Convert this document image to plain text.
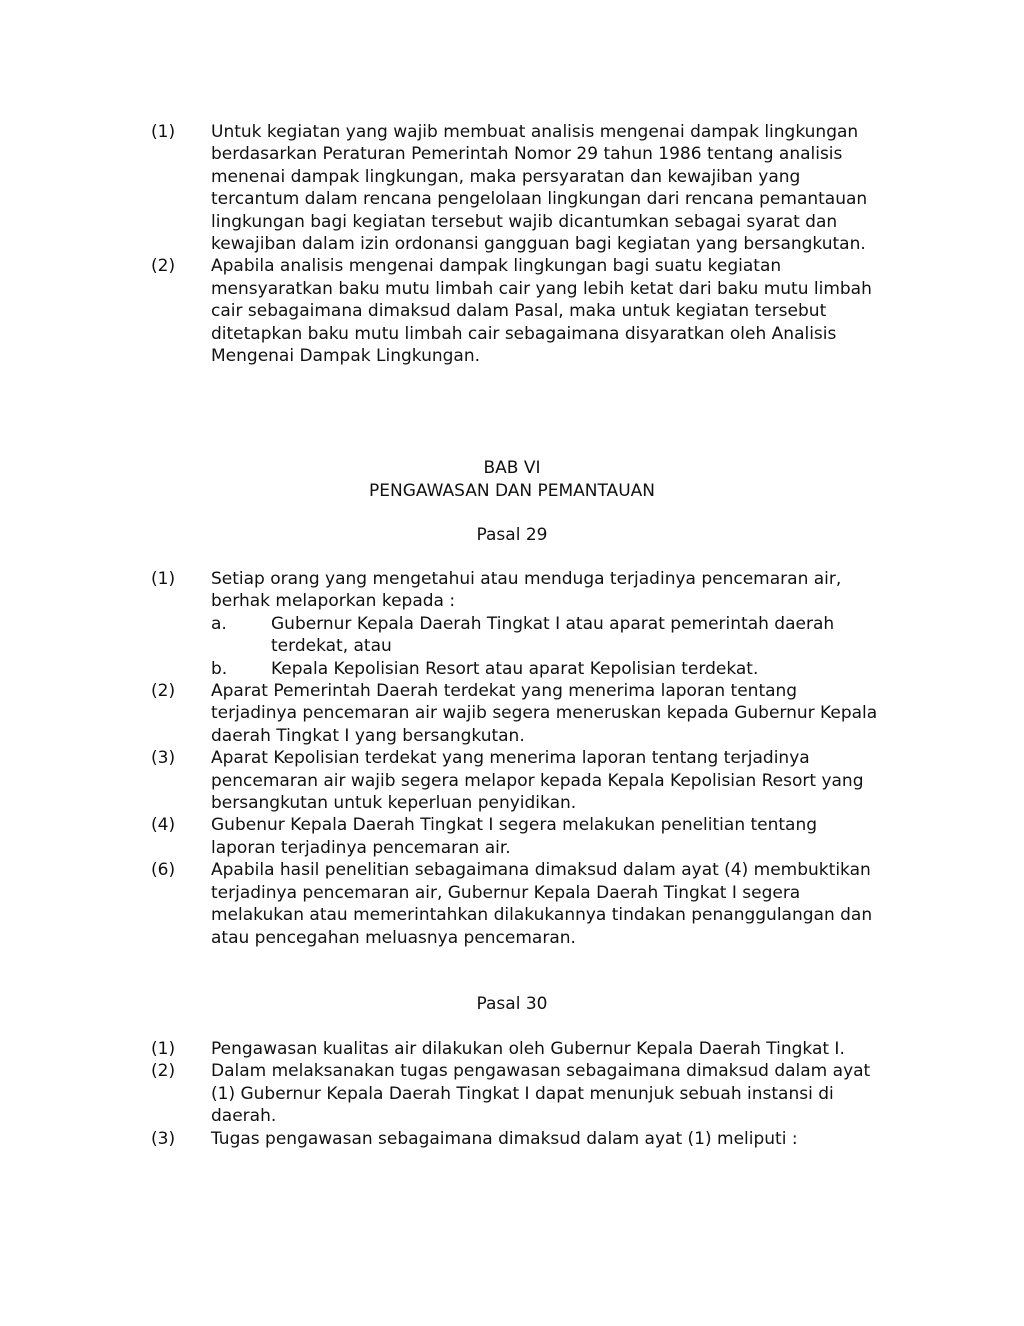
(1) Untuk kegiatan yang wajib membuat analisis mengenai dampak lingkungan berdasarkan Peraturan Pemerintah Nomor 29 tahun 1986 tentang analisis menenai dampak lingkungan, maka persyaratan dan kewajiban yang tercantum dalam rencana pengelolaan lingkungan dari rencana pemantauan lingkungan bagi kegiatan tersebut wajib dicantumkan sebagai syarat dan kewajiban dalam izin ordonansi gangguan bagi kegiatan yang bersangkutan.
(2) Apabila analisis mengenai dampak lingkungan bagi suatu kegiatan mensyaratkan baku mutu limbah cair yang lebih ketat dari baku mutu limbah cair sebagaimana dimaksud dalam Pasal, maka untuk kegiatan tersebut ditetapkan baku mutu limbah cair sebagaimana disyaratkan oleh Analisis Mengenai Dampak Lingkungan.
BAB VI
PENGAWASAN DAN PEMANTAUAN
Pasal 29
(1) Setiap orang yang mengetahui atau menduga terjadinya pencemaran air, berhak melaporkan kepada :
a.	Gubernur Kepala Daerah Tingkat I atau aparat pemerintah daerah terdekat, atau
b.	Kepala Kepolisian Resort atau aparat Kepolisian terdekat.
(2) Aparat Pemerintah Daerah terdekat yang menerima laporan tentang terjadinya pencemaran air wajib segera meneruskan kepada Gubernur Kepala daerah Tingkat I yang bersangkutan.
(3) Aparat Kepolisian terdekat yang menerima laporan tentang terjadinya pencemaran air wajib segera melapor kepada Kepala Kepolisian Resort yang bersangkutan untuk keperluan penyidikan.
(4) Gubenur Kepala Daerah Tingkat I segera melakukan penelitian tentang laporan terjadinya pencemaran air.
(6) Apabila hasil penelitian sebagaimana dimaksud dalam ayat (4) membuktikan terjadinya pencemaran air, Gubernur Kepala Daerah Tingkat I segera melakukan atau memerintahkan dilakukannya tindakan penanggulangan dan atau pencegahan meluasnya pencemaran.
Pasal 30
(1) Pengawasan kualitas air dilakukan oleh Gubernur Kepala Daerah Tingkat I.
(2) Dalam melaksanakan tugas pengawasan sebagaimana dimaksud dalam ayat (1) Gubernur Kepala Daerah Tingkat I dapat menunjuk sebuah instansi di daerah.
(3) Tugas pengawasan sebagaimana dimaksud dalam ayat (1) meliputi :
